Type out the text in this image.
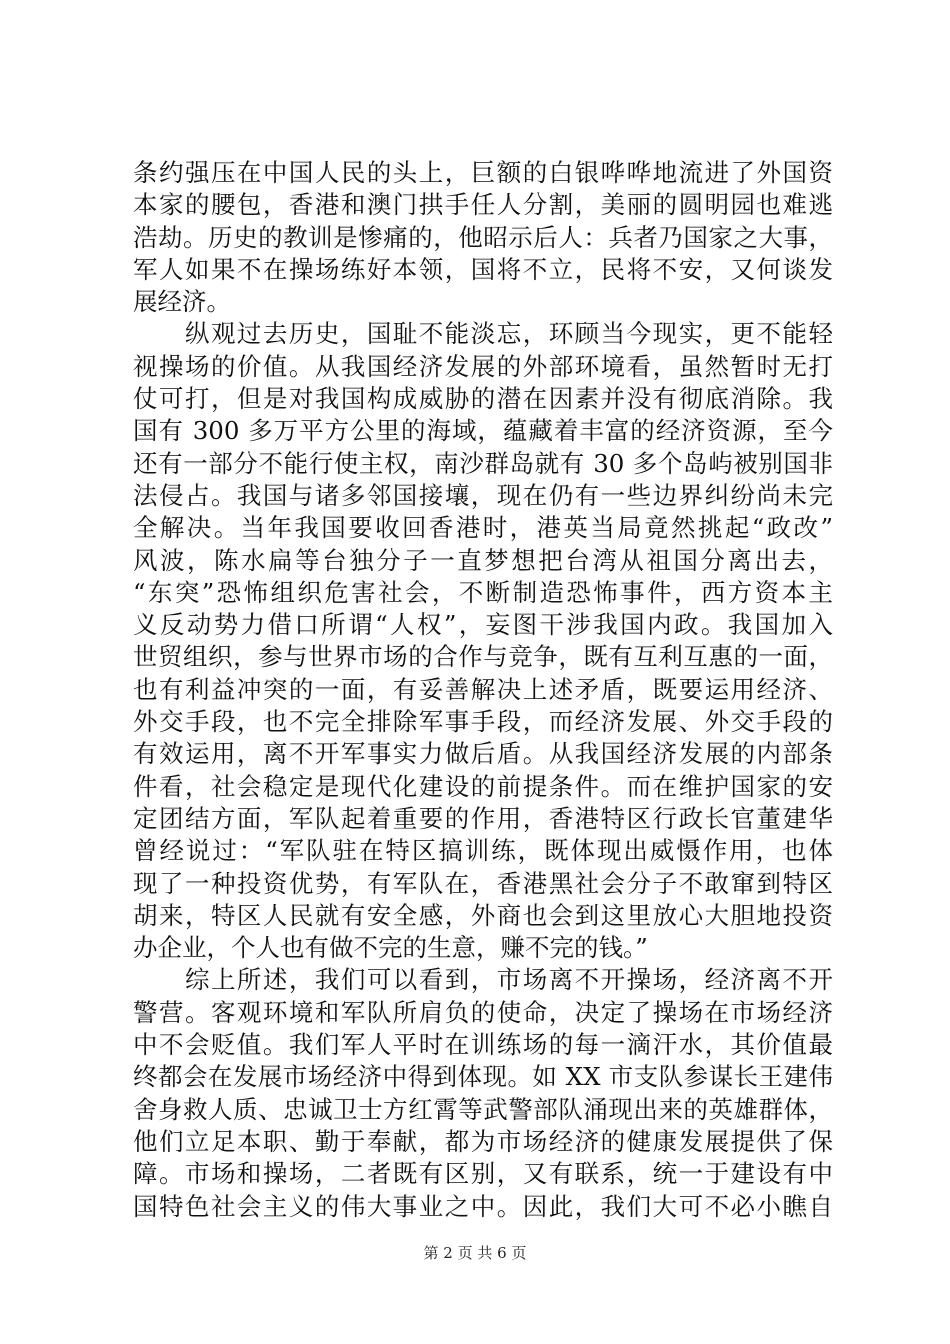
条约强压在中国人民的头上，巨额的白银哗哗地流进了外国资
本家的腰包，香港和澳门拱手任人分割，美丽的圆明园也难逃
浩劫。历史的教训是惨痛的，他昭示后人：兵者乃国家之大事，
军人如果不在操场练好本领，国将不立，民将不安，又何谈发
展经济。
　　纵观过去历史，国耻不能淡忘，环顾当今现实，更不能轻
视操场的价值。从我国经济发展的外部环境看，虽然暂时无打
仗可打，但是对我国构成威胁的潜在因素并没有彻底消除。我
国有 300 多万平方公里的海域，蕴藏着丰富的经济资源，至今
还有一部分不能行使主权，南沙群岛就有 30 多个岛屿被别国非
法侵占。我国与诸多邻国接壤，现在仍有一些边界纠纷尚未完
全解决。当年我国要收回香港时，港英当局竟然挑起“政改”
风波，陈水扁等台独分子一直梦想把台湾从祖国分离出去，
“东突”恐怖组织危害社会，不断制造恐怖事件，西方资本主
义反动势力借口所谓“人权”，妄图干涉我国内政。我国加入
世贸组织，参与世界市场的合作与竞争，既有互利互惠的一面，
也有利益冲突的一面，有妥善解决上述矛盾，既要运用经济、
外交手段，也不完全排除军事手段，而经济发展、外交手段的
有效运用，离不开军事实力做后盾。从我国经济发展的内部条
件看，社会稳定是现代化建设的前提条件。而在维护国家的安
定团结方面，军队起着重要的作用，香港特区行政长官董建华
曾经说过：“军队驻在特区搞训练，既体现出威慑作用，也体
现了一种投资优势，有军队在，香港黑社会分子不敢窜到特区
胡来，特区人民就有安全感，外商也会到这里放心大胆地投资
办企业，个人也有做不完的生意，赚不完的钱。”
　　综上所述，我们可以看到，市场离不开操场，经济离不开
警营。客观环境和军队所肩负的使命，决定了操场在市场经济
中不会贬值。我们军人平时在训练场的每一滴汗水，其价值最
终都会在发展市场经济中得到体现。如 XX 市支队参谋长王建伟
舍身救人质、忠诚卫士方红霄等武警部队涌现出来的英雄群体，
他们立足本职、勤于奉献，都为市场经济的健康发展提供了保
障。市场和操场，二者既有区别，又有联系，统一于建设有中
国特色社会主义的伟大事业之中。因此，我们大可不必小瞧自
第 2 页 共 6 页
